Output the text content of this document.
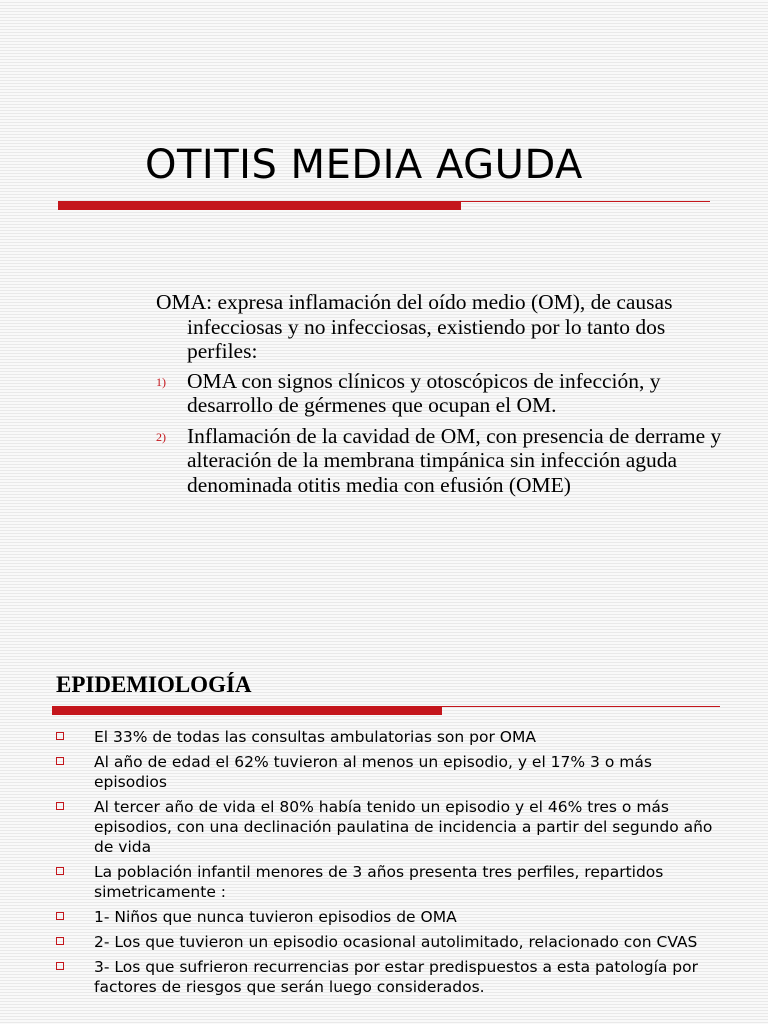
OTITIS MEDIA AGUDA

OMA: expresa inflamación del oído medio (OM), de causas infecciosas y no infecciosas, existiendo por lo tanto dos perfiles:

1) OMA con signos clínicos y otoscópicos de infección, y desarrollo de gérmenes que ocupan el OM.
2) Inflamación de la cavidad de OM, con presencia de derrame y alteración de la membrana timpánica sin infección aguda denominada otitis media con efusión (OME)
EPIDEMIOLOGÍA
El 33% de todas las consultas ambulatorias son por OMA
Al año de edad el 62% tuvieron al menos un episodio, y el 17% 3 o más episodios
Al tercer año de vida el 80% había tenido un episodio y el 46% tres o más episodios, con una declinación paulatina de incidencia a partir del segundo año de vida
La población infantil menores de 3 años presenta tres perfiles, repartidos simetricamente :
1- Niños que nunca tuvieron episodios de OMA
2- Los que tuvieron un episodio ocasional autolimitado, relacionado con CVAS
3- Los que sufrieron recurrencias por estar predispuestos a esta patología por factores de riesgos que serán luego considerados.
